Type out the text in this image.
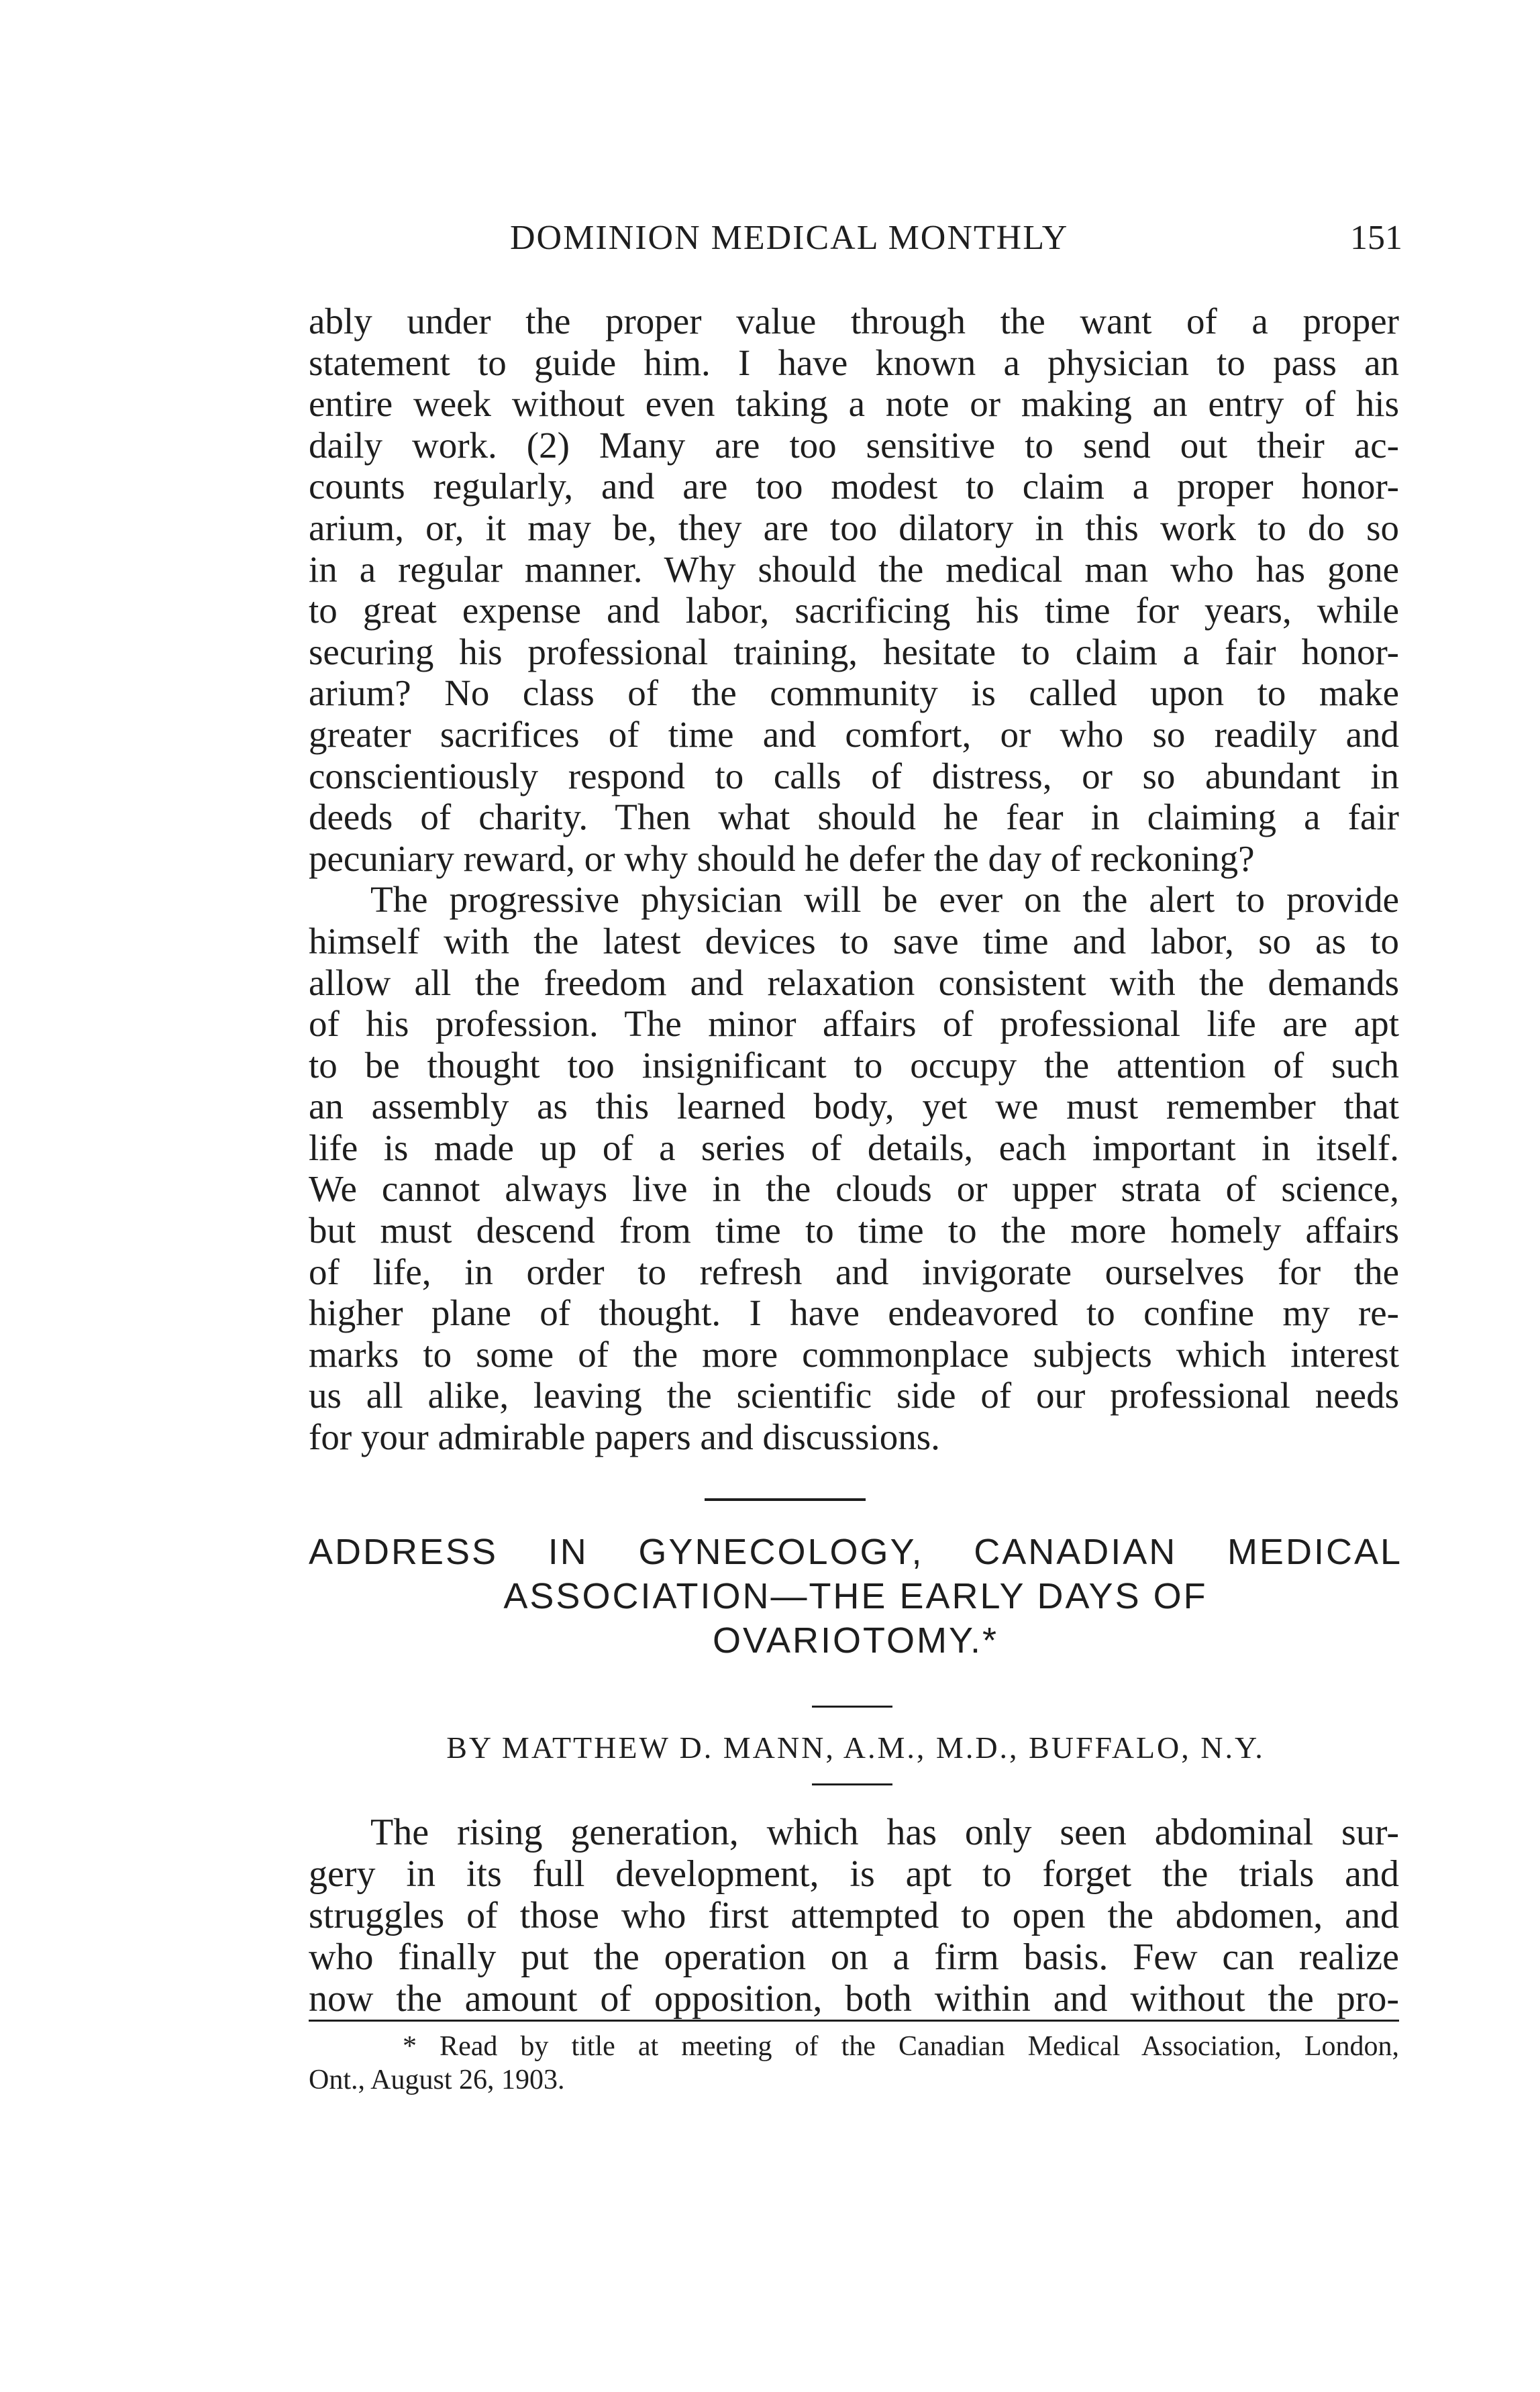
DOMINION MEDICAL MONTHLY	151
ably under the proper value through the want of a proper
statement to guide him. I have known a physician to pass an
entire week without even taking a note or making an entry of his
daily work. (2) Many are too sensitive to send out their ac-
counts regularly, and are too modest to claim a proper honor-
arium, or, it may be, they are too dilatory in this work to do so
in a regular manner. Why should the medical man who has gone
to great expense and labor, sacrificing his time for years, while
securing his professional training, hesitate to claim a fair honor-
arium? No class of the community is called upon to make
greater sacrifices of time and comfort, or who so readily and
conscientiously respond to calls of distress, or so abundant in
deeds of charity. Then what should he fear in claiming a fair
pecuniary reward, or why should he defer the day of reckoning?
The progressive physician will be ever on the alert to provide
himself with the latest devices to save time and labor, so as to
allow all the freedom and relaxation consistent with the demands
of his profession. The minor affairs of professional life are apt
to be thought too insignificant to occupy the attention of such
an assembly as this learned body, yet we must remember that
life is made up of a series of details, each important in itself.
We cannot always live in the clouds or upper strata of science,
but must descend from time to time to the more homely affairs
of life, in order to refresh and invigorate ourselves for the
higher plane of thought. I have endeavored to confine my re-
marks to some of the more commonplace subjects which interest
us all alike, leaving the scientific side of our professional needs
for your admirable papers and discussions.
ADDRESS IN GYNECOLOGY, CANADIAN MEDICAL
ASSOCIATION—THE EARLY DAYS OF
OVARIOTOMY.*
BY MATTHEW D. MANN, A.M., M.D., BUFFALO, N.Y.
The rising generation, which has only seen abdominal sur-
gery in its full development, is apt to forget the trials and
struggles of those who first attempted to open the abdomen, and
who finally put the operation on a firm basis. Few can realize
now the amount of opposition, both within and without the pro-
* Read by title at meeting of the Canadian Medical Association, London,
Ont., August 26, 1903.
